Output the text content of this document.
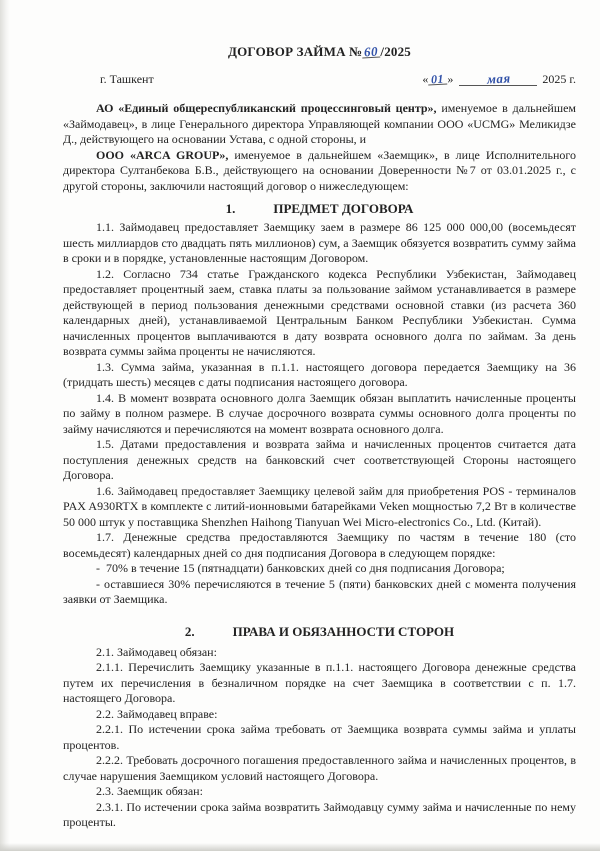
ДОГОВОР ЗАЙМА № 60 /2025
г. Ташкент	« 01 »	мая	2025 г.

АО «Единый общереспубликанский процессинговый центр», именуемое в дальнейшем «Займодавец», в лице Генерального директора Управляющей компании ООО «UCMG» Меликидзе Д., действующего на основании Устава, с одной стороны, и

ООО «ARCA GROUP», именуемое в дальнейшем «Заемщик», в лице Исполнительного директора Султанбекова Б.В., действующего на основании Доверенности №7 от 03.01.2025 г., с другой стороны, заключили настоящий договор о нижеследующем:

1.	ПРЕДМЕТ ДОГОВОРА

1.1. Займодавец предоставляет Заемщику заем в размере 86 125 000 000,00 (восемьдесят шесть миллиардов сто двадцать пять миллионов) сум, а Заемщик обязуется возвратить сумму займа в сроки и в порядке, установленные настоящим Договором.

1.2. Согласно 734 статье Гражданского кодекса Республики Узбекистан, Займодавец предоставляет процентный заем, ставка платы за пользование займом устанавливается в размере действующей в период пользования денежными средствами основной ставки (из расчета 360 календарных дней), устанавливаемой Центральным Банком Республики Узбекистан. Сумма начисленных процентов выплачиваются в дату возврата основного долга по займам. За день возврата суммы займа проценты не начисляются.

1.3. Сумма займа, указанная в п.1.1. настоящего договора передается Заемщику на 36 (тридцать шесть) месяцев с даты подписания настоящего договора.

1.4. В момент возврата основного долга Заемщик обязан выплатить начисленные проценты по займу в полном размере. В случае досрочного возврата суммы основного долга проценты по займу начисляются и перечисляются на момент возврата основного долга.

1.5. Датами предоставления и возврата займа и начисленных процентов считается дата поступления денежных средств на банковский счет соответствующей Стороны настоящего Договора.

1.6. Займодавец предоставляет Заемщику целевой займ для приобретения POS - терминалов PAX A930RTX в комплекте с литий-ионновыми батарейками Veken мощностью 7,2 Вт в количестве 50 000 штук у поставщика Shenzhen Haihong Tianyuan Wei Micro-electronics Co., Ltd. (Китай).

1.7. Денежные средства предоставляются Заемщику по частям в течение 180 (сто восемьдесят) календарных дней со дня подписания Договора в следующем порядке:

-  70% в течение 15 (пятнадцати) банковских дней со дня подписания Договора;

- оставшиеся 30% перечисляются в течение 5 (пяти) банковских дней с момента получения заявки от Заемщика.

2.	ПРАВА И ОБЯЗАННОСТИ СТОРОН

2.1. Займодавец обязан:

2.1.1. Перечислить Заемщику указанные в п.1.1. настоящего Договора денежные средства путем их перечисления в безналичном порядке на счет Заемщика в соответствии с п. 1.7. настоящего Договора.

2.2. Займодавец вправе:

2.2.1. По истечении срока займа требовать от Заемщика возврата суммы займа и уплаты процентов.

2.2.2. Требовать досрочного погашения предоставленного займа и начисленных процентов, в случае нарушения Заемщиком условий настоящего Договора.

2.3. Заемщик обязан:

2.3.1. По истечении срока займа возвратить Займодавцу сумму займа и начисленные по нему проценты.
